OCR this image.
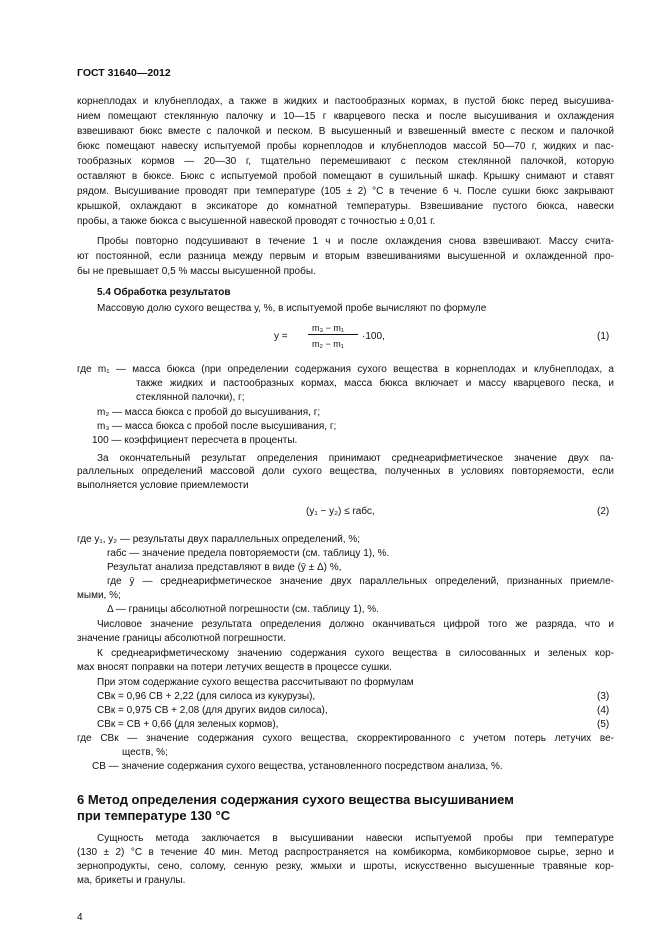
ГОСТ 31640—2012
корнеплодах и клубнеплодах, а также в жидких и пастообразных кормах, в пустой бюкс перед высушива-
нием помещают стеклянную палочку и 10—15 г кварцевого песка и после высушивания и охлаждения
взвешивают бюкс вместе с палочкой и песком. В высушенный и взвешенный вместе с песком и палочкой
бюкс помещают навеску испытуемой пробы корнеплодов и клубнеплодов массой 50—70 г, жидких и пас-
тообразных кормов — 20—30 г, тщательно перемешивают с песком стеклянной палочкой, которую
оставляют в бюксе. Бюкс с испытуемой пробой помещают в сушильный шкаф. Крышку снимают и ставят
рядом. Высушивание проводят при температуре (105 ± 2) °С в течение 6 ч. После сушки бюкс закрывают
крышкой, охлаждают в эксикаторе до комнатной температуры. Взвешивание пустого бюкса, навески
пробы, а также бюкса с высушенной навеской проводят с точностью ± 0,01 г.
Пробы повторно подсушивают в течение 1 ч и после охлаждения снова взвешивают. Массу счита-
ют постоянной, если разница между первым и вторым взвешиваниями высушенной и охлажденной про-
бы не превышает 0,5 % массы высушенной пробы.
5.4 Обработка результатов
Массовую долю сухого вещества у, %, в испытуемой пробе вычисляют по формуле
у =
m₃ − m₁
m₂ − m₁
·100,	(1)
где m₁ — масса бюкса (при определении содержания сухого вещества в корнеплодах и клубнеплодах, а
также жидких и пастообразных кормах, масса бюкса включает и массу кварцевого песка, и
стеклянной палочки), г;
m₂ — масса бюкса с пробой до высушивания, г;
m₃ — масса бюкса с пробой после высушивания, г;
100 — коэффициент пересчета в проценты.
За окончательный результат определения принимают среднеарифметическое значение двух па-
раллельных определений массовой доли сухого вещества, полученных в условиях повторяемости, если
выполняется условие приемлемости
(у₁ − у₂) ≤ rабс,	(2)
где у₁, у₂ — результаты двух параллельных определений, %;
rабс — значение предела повторяемости (см. таблицу 1), %.
Результат анализа представляют в виде (ȳ ± Δ) %,
где ȳ — среднеарифметическое значение двух параллельных определений, признанных приемле-
мыми, %;
Δ — границы абсолютной погрешности (см. таблицу 1), %.
Числовое значение результата определения должно оканчиваться цифрой того же разряда, что и
значение границы абсолютной погрешности.
К среднеарифметическому значению содержания сухого вещества в силосованных и зеленых кор-
мах вносят поправки на потери летучих веществ в процессе сушки.
При этом содержание сухого вещества рассчитывают по формулам
СВк = 0,96 СВ + 2,22 (для силоса из кукурузы),	(3)
СВк = 0,975 СВ + 2,08 (для других видов силоса),	(4)
СВк = СВ + 0,66 (для зеленых кормов),	(5)
где СВк — значение содержания сухого вещества, скорректированного с учетом потерь летучих ве-
ществ, %;
СВ — значение содержания сухого вещества, установленного посредством анализа, %.
6 Метод определения содержания сухого вещества высушиванием
при температуре 130 °С
Сущность метода заключается в высушивании навески испытуемой пробы при температуре
(130 ± 2) °С в течение 40 мин. Метод распространяется на комбикорма, комбикормовое сырье, зерно и
зернопродукты, сено, солому, сенную резку, жмыхи и шроты, искусственно высушенные травяные кор-
ма, брикеты и гранулы.
4
